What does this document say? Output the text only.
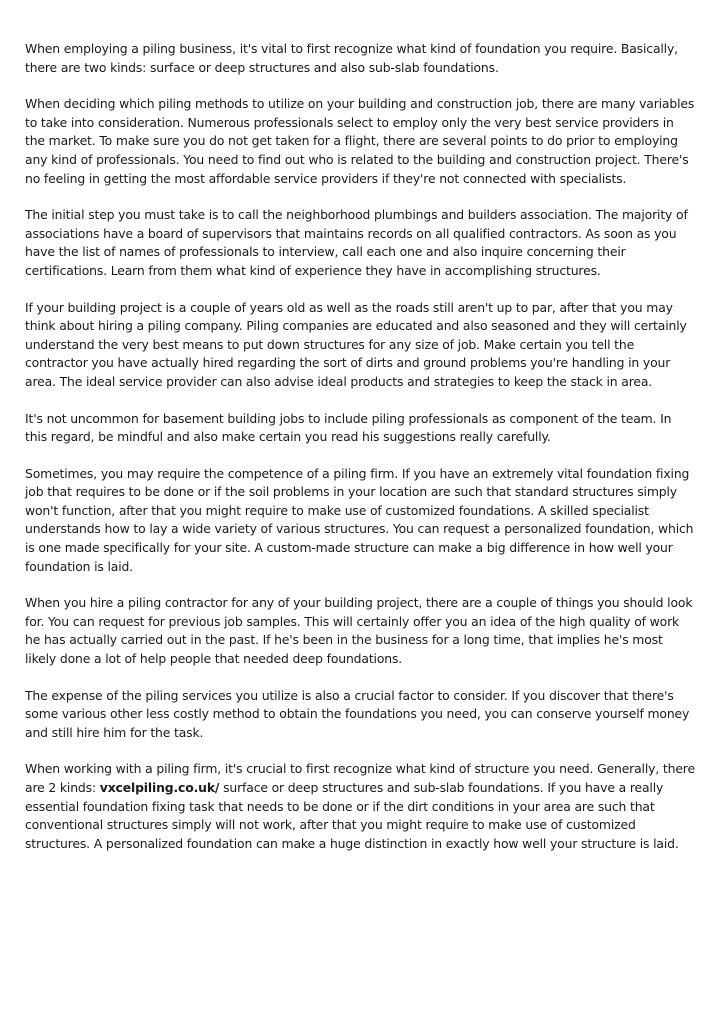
When employing a piling business, it's vital to first recognize what kind of foundation you require. Basically, there are two kinds: surface or deep structures and also sub-slab foundations.

When deciding which piling methods to utilize on your building and construction job, there are many variables to take into consideration. Numerous professionals select to employ only the very best service providers in the market. To make sure you do not get taken for a flight, there are several points to do prior to employing any kind of professionals. You need to find out who is related to the building and construction project. There's no feeling in getting the most affordable service providers if they're not connected with specialists.

The initial step you must take is to call the neighborhood plumbings and builders association. The majority of associations have a board of supervisors that maintains records on all qualified contractors. As soon as you have the list of names of professionals to interview, call each one and also inquire concerning their certifications. Learn from them what kind of experience they have in accomplishing structures.

If your building project is a couple of years old as well as the roads still aren't up to par, after that you may think about hiring a piling company. Piling companies are educated and also seasoned and they will certainly understand the very best means to put down structures for any size of job. Make certain you tell the contractor you have actually hired regarding the sort of dirts and ground problems you're handling in your area. The ideal service provider can also advise ideal products and strategies to keep the stack in area.

It's not uncommon for basement building jobs to include piling professionals as component of the team. In this regard, be mindful and also make certain you read his suggestions really carefully.

Sometimes, you may require the competence of a piling firm. If you have an extremely vital foundation fixing job that requires to be done or if the soil problems in your location are such that standard structures simply won't function, after that you might require to make use of customized foundations. A skilled specialist understands how to lay a wide variety of various structures. You can request a personalized foundation, which is one made specifically for your site. A custom-made structure can make a big difference in how well your foundation is laid.

When you hire a piling contractor for any of your building project, there are a couple of things you should look for. You can request for previous job samples. This will certainly offer you an idea of the high quality of work he has actually carried out in the past. If he's been in the business for a long time, that implies he's most likely done a lot of help people that needed deep foundations.

The expense of the piling services you utilize is also a crucial factor to consider. If you discover that there's some various other less costly method to obtain the foundations you need, you can conserve yourself money and still hire him for the task.

When working with a piling firm, it's crucial to first recognize what kind of structure you need. Generally, there are 2 kinds: vxcelpiling.co.uk/ surface or deep structures and sub-slab foundations. If you have a really essential foundation fixing task that needs to be done or if the dirt conditions in your area are such that conventional structures simply will not work, after that you might require to make use of customized structures. A personalized foundation can make a huge distinction in exactly how well your structure is laid.
